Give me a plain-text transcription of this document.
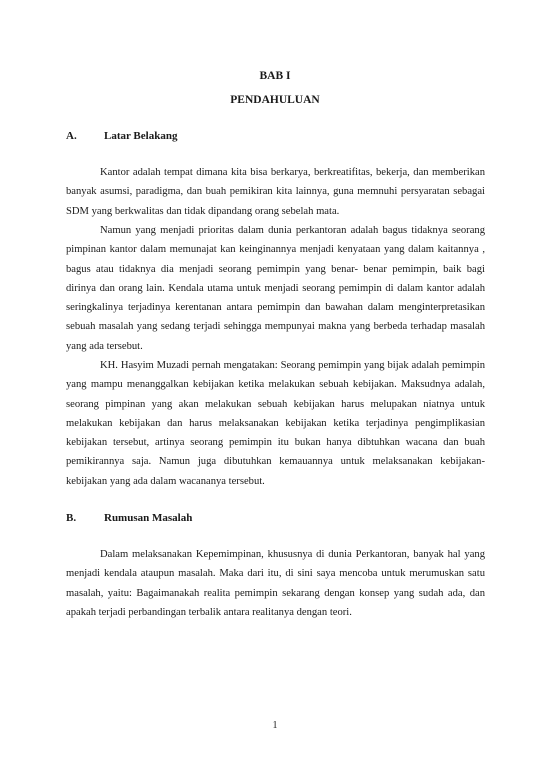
BAB I
PENDAHULUAN
A. Latar Belakang

Kantor adalah tempat dimana kita bisa berkarya, berkreatifitas, bekerja, dan memberikan banyak asumsi, paradigma, dan buah pemikiran kita lainnya, guna memnuhi persyaratan sebagai SDM yang berkwalitas dan tidak dipandang orang sebelah mata.

Namun yang menjadi prioritas dalam dunia perkantoran adalah bagus tidaknya seorang pimpinan kantor dalam memunajat kan keinginannya menjadi kenyataan yang dalam kaitannya , bagus atau tidaknya dia menjadi seorang pemimpin yang benar- benar pemimpin, baik bagi dirinya dan orang lain. Kendala utama untuk menjadi seorang pemimpin di dalam kantor adalah seringkalinya terjadinya kerentanan antara pemimpin dan bawahan dalam menginterpretasikan sebuah masalah yang sedang terjadi sehingga mempunyai makna yang berbeda terhadap masalah yang ada tersebut.

KH. Hasyim Muzadi pernah mengatakan: Seorang pemimpin yang bijak adalah pemimpin yang mampu menanggalkan kebijakan ketika melakukan sebuah kebijakan. Maksudnya adalah, seorang pimpinan yang akan melakukan sebuah kebijakan harus melupakan niatnya untuk melakukan kebijakan dan harus melaksanakan kebijakan ketika terjadinya pengimplikasian kebijakan tersebut, artinya seorang pemimpin itu bukan hanya dibtuhkan wacana dan buah pemikirannya saja. Namun juga dibutuhkan kemauannya untuk melaksanakan kebijakan- kebijakan yang ada dalam wacananya tersebut.

B.	Rumusan Masalah

Dalam melaksanakan Kepemimpinan, khususnya di dunia Perkantoran, banyak hal yang menjadi kendala ataupun masalah. Maka dari itu, di sini saya mencoba untuk merumuskan satu masalah, yaitu: Bagaimanakah realita pemimpin sekarang dengan konsep yang sudah ada, dan apakah terjadi perbandingan terbalik antara realitanya dengan teori.

1
